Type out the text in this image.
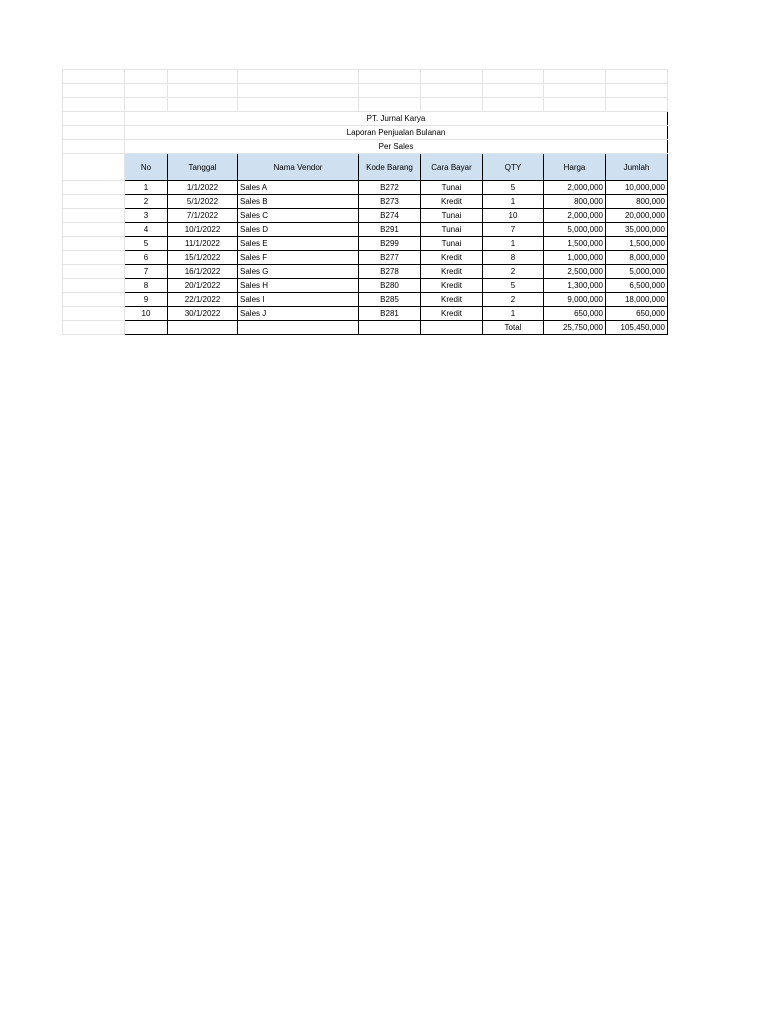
	PT. Jurnal Karya							
	Laporan Penjualan Bulanan							
	Per Sales							
	No	Tanggal	Nama Vendor	Kode Barang	Cara Bayar	QTY	Harga	Jumlah
	1	1/1/2022	Sales A	B272	Tunai	5	2,000,000	10,000,000
	2	5/1/2022	Sales B	B273	Kredit	1	800,000	800,000
	3	7/1/2022	Sales C	B274	Tunai	10	2,000,000	20,000,000
	4	10/1/2022	Sales D	B291	Tunai	7	5,000,000	35,000,000
	5	11/1/2022	Sales E	B299	Tunai	1	1,500,000	1,500,000
	6	15/1/2022	Sales F	B277	Kredit	8	1,000,000	8,000,000
	7	16/1/2022	Sales G	B278	Kredit	2	2,500,000	5,000,000
	8	20/1/2022	Sales H	B280	Kredit	5	1,300,000	6,500,000
	9	22/1/2022	Sales I	B285	Kredit	2	9,000,000	18,000,000
	10	30/1/2022	Sales J	B281	Kredit	1	650,000	650,000
						Total	25,750,000	105,450,000
